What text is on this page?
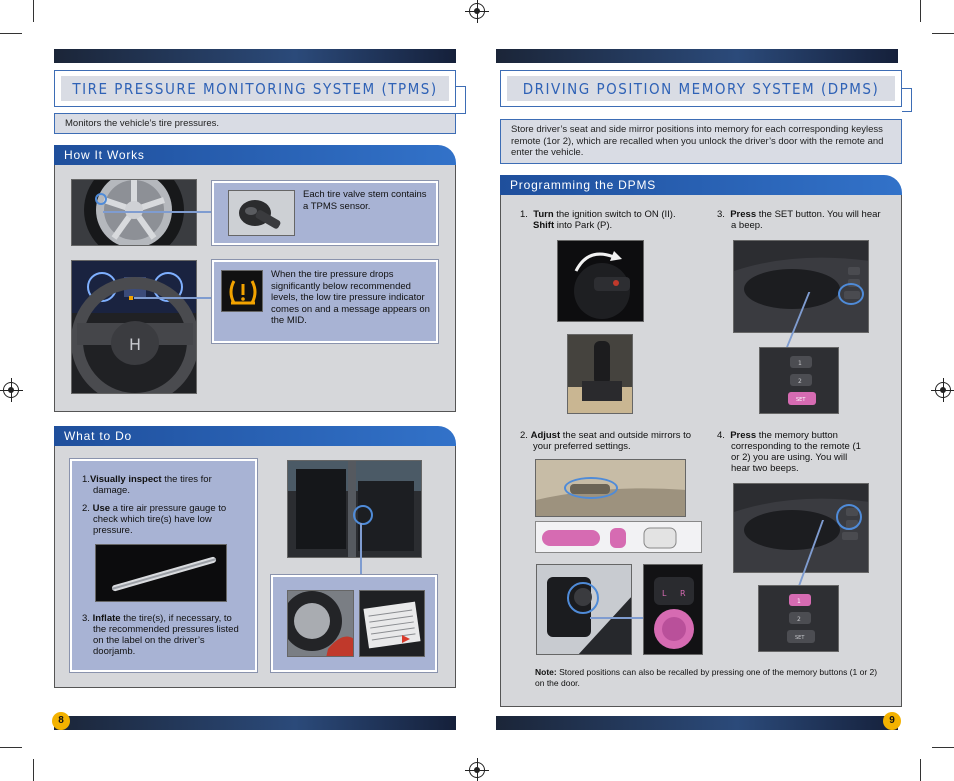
TIRE PRESSURE MONITORING SYSTEM (TPMS)
Monitors the vehicle’s tire pressures.
How It Works
Each tire valve stem contains a TPMS sensor.
H
When the tire pressure drops significantly below recommended levels, the low tire pressure indicator comes on and a message appears on the MID.
What to Do
1.Visually inspect the tires for damage.
2. Use a tire air pressure gauge to check which tire(s) have low pressure.
3. Inflate the tire(s), if necessary, to the recommended pressures listed on the label on the driver’s doorjamb.
8
DRIVING POSITION MEMORY SYSTEM (DPMS)
Store driver’s seat and side mirror positions into memory for each corresponding keyless remote (1or 2), which are recalled when you unlock the driver’s door with the remote and enter the vehicle.
Programming the DPMS
1. Turn the ignition switch to ON (II). Shift into Park (P).
2. Adjust the seat and outside mirrors to your preferred settings.
L R
3. Press the SET button. You will hear a beep.
1
2
SET
4. Press the memory button corresponding to the remote (1 or 2) you are using. You will hear two beeps.
1
2
SET
Note: Stored positions can also be recalled by pressing one of the memory buttons (1 or 2) on the door.
9
